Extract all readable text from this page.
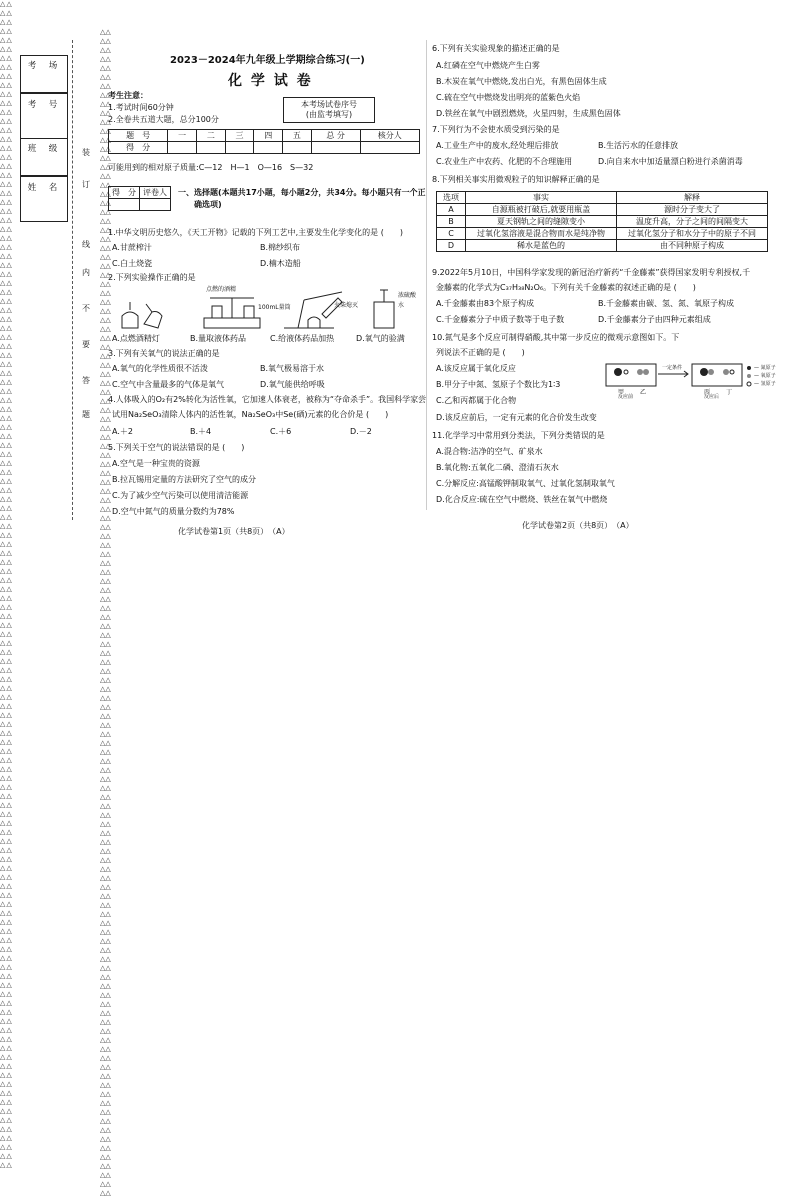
△△△△△△△△△△△△△△△△△△△△△△△△△△△△△△△△△△△△△△△△△△△△△△△△△△△△△△△△△△△△△△△△△△△△△△△△△△△△△△△△△△△△△△△△△△△△△△△△△△△△△△△△△△△△△△△△△△△△△△△△△△△△△△△△△△△△△△△△△△△△△△△△△△△△△△△△△△△△△△△△△△△△△△△△△△△△△△△△△△△△△△△△△△△△△△△△△△△△△△△△△△△△△△△△△△△△△△△△△△△△△△△△△△△△△△△△△△△△△△△△△△△△△△△△△△△△△△△△△△△△
△△△△△△△△△△△△△△△△△△△△△△△△△△△△△△△△△△△△△△△△△△△△△△△△△△△△△△△△△△△△△△△△△△△△△△△△△△△△△△△△△△△△△△△△△△△△△△△△△△△△△△△△△△△△△△△△△△△△△△△△△△△△△△△△△△△△△△△△△△△△△△△△△△△△△△△△△△△△△△△△△△△△△△△△△△△△△△△△△△△△△△△△△△△△△△△△△△△△△△△△△△△△△△△△△△△△△△△△△△△△△△△△△△△△△△△△△△△△△△△△△△△△△△△△△△△△△△△△△△△△
考 场
考 号
班 级
姓 名
装
订
线
内
不
要
答
题
2023－2024年九年级上学期综合练习(一)
化 学 试 卷
考生注意：
1.考试时间60分钟
2.全卷共五道大题，总分100分
本考场试卷序号
(由监考填写)
题　号	一	二	三	四	五	总 分	核分人
得　分							
可能用到的相对原子质量:C—12　H—1　O—16　S—32
得　分	评卷人
	一、选择题(本题共17小题，每小题2分，共34分。每小题只有一个正
确选项)
1.中华文明历史悠久，《天工开物》记载的下列工艺中,主要发生化学变化的是 (　　)
A.甘蔗榨汁	B.棉纱织布
C.白土烧瓷	D.楠木造船
2.下列实验操作正确的是
点燃的酒精
100mL量筒	火柴熄灭
浓硫酸
水
A.点燃酒精灯	B.量取液体药品	C.给液体药品加热	D.氧气的验满
3.下列有关氧气的说法正确的是
A.氧气的化学性质很不活泼	B.氧气极易溶于水
C.空气中含量最多的气体是氧气	D.氧气能供给呼吸
4.人体吸入的O₂有2%转化为活性氧，它加速人体衰老，被称为“夺命杀手”。我国科学家尝
试用Na₂SeO₃清除人体内的活性氧，Na₂SeO₃中Se(硒)元素的化合价是 (　　)
A.＋2	B.＋4	C.＋6	D.－2
5.下列关于空气的说法错误的是 (　　)
A.空气是一种宝贵的资源
B.拉瓦锡用定量的方法研究了空气的成分
C.为了减少空气污染可以使用清洁能源
D.空气中氮气的质量分数约为78%
化学试卷第1页（共8页）　（A）
6.下列有关实验现象的描述正确的是
A.红磷在空气中燃烧产生白雾
B.木炭在氧气中燃烧,发出白光，有黑色固体生成
C.硫在空气中燃烧发出明亮的蓝紫色火焰
D.铁丝在氧气中剧烈燃烧，火星四射，生成黑色固体
7.下列行为不会使水质受到污染的是
A.工业生产中的废水,经处理后排放	B.生活污水的任意排放
C.农业生产中农药、化肥的不合理施用	D.向自来水中加适量漂白粉进行杀菌消毒
8.下列相关事实用微观粒子的知识解释正确的是
选项	事实	解释
A	自源瓶被打破后,就要用瓶盖	源时分子变大了
B	夏天钢轨之间的缝隙变小	温度升高，分子之间的间隔变大
C	过氧化氢溶液是混合物而水是纯净物	过氧化氢分子和水分子中的原子不同
D	稀水是蓝色的	由不同种原子构成
9.2022年5月10日，中国科学家发现的新冠治疗新药“千金藤素”获得国家发明专利授权,千
金藤素的化学式为C₃₇H₃₈N₂O₆。下列有关千金藤素的叙述正确的是 (　　)
A.千金藤素由83个原子构成	B.千金藤素由碳、氢、氮、氧原子构成
C.千金藤素分子中质子数等于电子数	D.千金藤素分子由四种元素组成
10.氮气是多个反应可制得硝酸,其中第一步反应的微观示意图如下。下
列说法不正确的是 (　　)
甲	乙
一定条件
丙	丁
— 氮原子
— 氧原子
— 氢原子
反应前	反应后
A.该反应属于氧化反应
B.甲分子中氮、氢原子个数比为1∶3
C.乙和丙都属于化合物
D.该反应前后，一定有元素的化合价发生改变
11.化学学习中常用到分类法，下列分类错误的是
A.混合物:洁净的空气、矿泉水
B.氧化物:五氧化二磷、澄清石灰水
C.分解反应:高锰酸钾制取氧气、过氧化氢制取氧气
D.化合反应:硫在空气中燃烧、铁丝在氧气中燃烧
化学试卷第2页（共8页）　（A）
